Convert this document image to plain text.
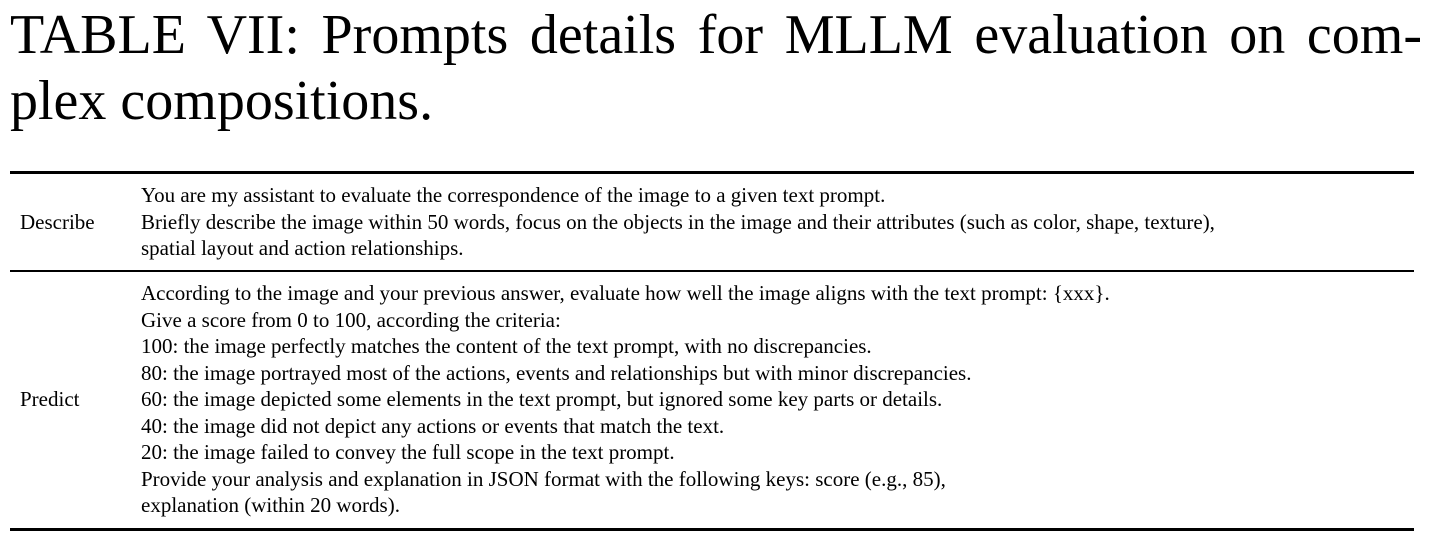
TABLE VII: Prompts details for MLLM evaluation on com-
plex compositions.
Describe
You are my assistant to evaluate the correspondence of the image to a given text prompt.
Briefly describe the image within 50 words, focus on the objects in the image and their attributes (such as color, shape, texture),
spatial layout and action relationships.
Predict
According to the image and your previous answer, evaluate how well the image aligns with the text prompt: {xxx}.
Give a score from 0 to 100, according the criteria:
100: the image perfectly matches the content of the text prompt, with no discrepancies.
80: the image portrayed most of the actions, events and relationships but with minor discrepancies.
60: the image depicted some elements in the text prompt, but ignored some key parts or details.
40: the image did not depict any actions or events that match the text.
20: the image failed to convey the full scope in the text prompt.
Provide your analysis and explanation in JSON format with the following keys: score (e.g., 85),
explanation (within 20 words).
